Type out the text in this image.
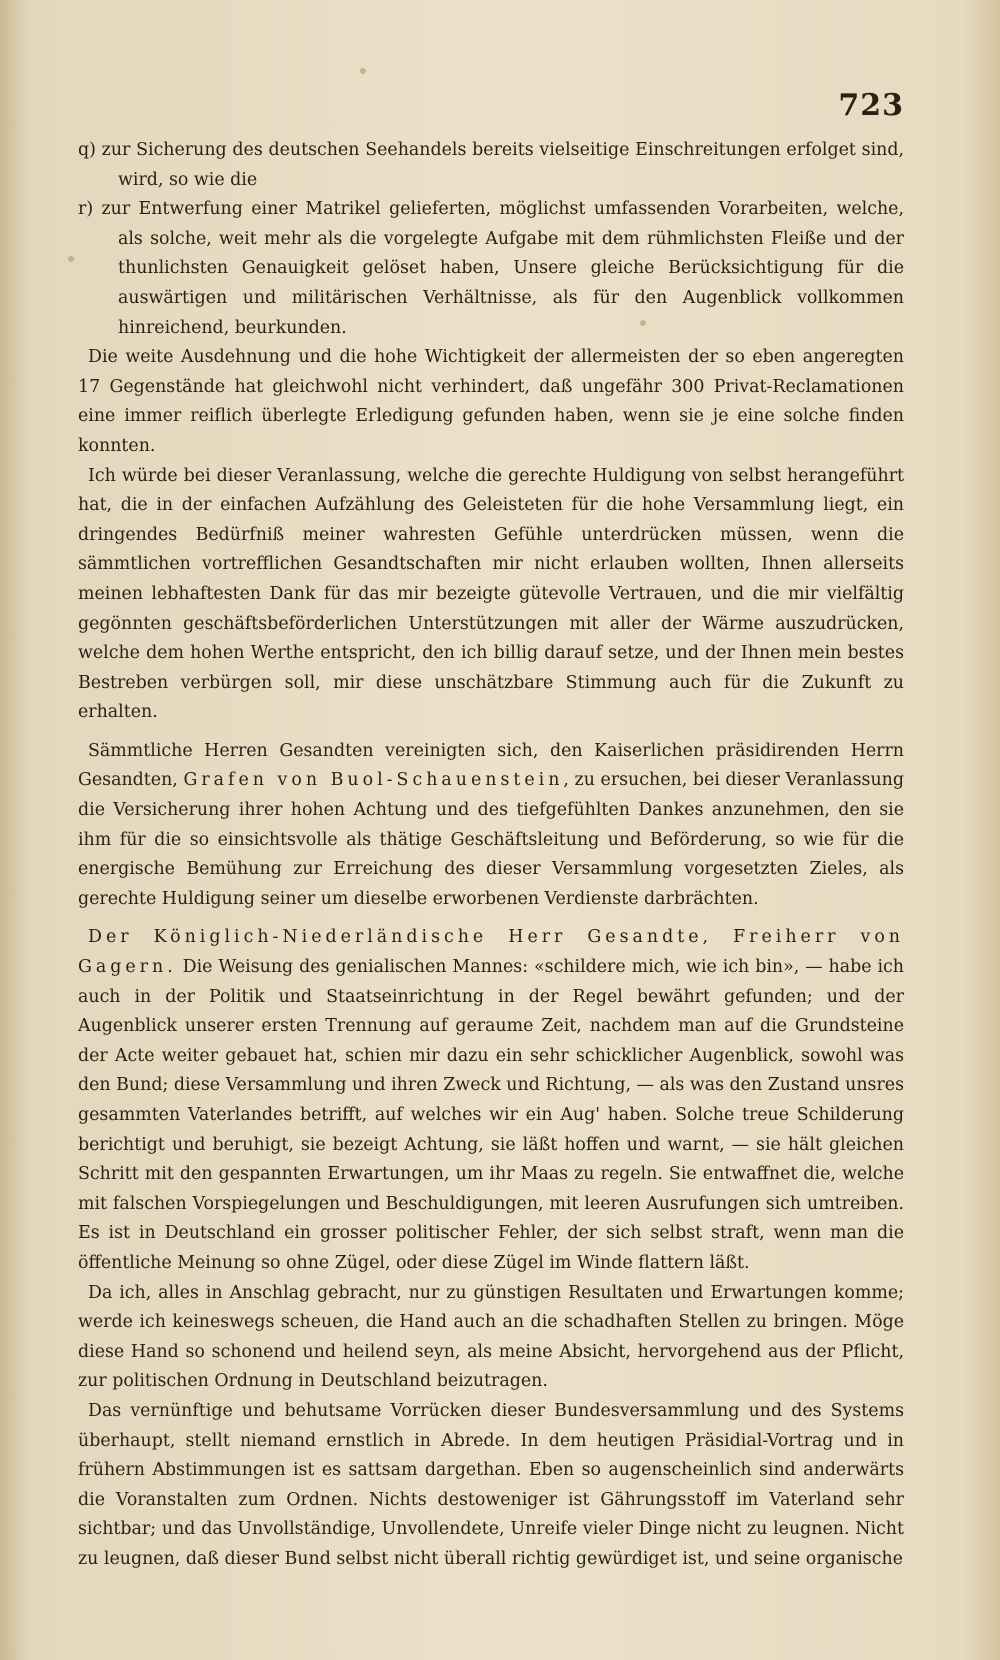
723

q) zur Sicherung des deutschen Seehandels bereits vielseitige Einschreitungen erfolget sind, wird, so wie die

r) zur Entwerfung einer Matrikel gelieferten, möglichst umfassenden Vorarbeiten, welche, als solche, weit mehr als die vorgelegte Aufgabe mit dem rühmlichsten Fleiße und der thunlichsten Genauigkeit gelöset haben, Unsere gleiche Berücksichtigung für die auswärtigen und militärischen Verhältnisse, als für den Augenblick vollkommen hinreichend, beurkunden.

Die weite Ausdehnung und die hohe Wichtigkeit der allermeisten der so eben angeregten 17 Gegenstände hat gleichwohl nicht verhindert, daß ungefähr 300 Privat-Reclamationen eine immer reiflich überlegte Erledigung gefunden haben, wenn sie je eine solche finden konnten.

Ich würde bei dieser Veranlassung, welche die gerechte Huldigung von selbst herangeführt hat, die in der einfachen Aufzählung des Geleisteten für die hohe Versammlung liegt, ein dringendes Bedürfniß meiner wahresten Gefühle unterdrücken müssen, wenn die sämmtlichen vortrefflichen Gesandtschaften mir nicht erlauben wollten, Ihnen allerseits meinen lebhaftesten Dank für das mir bezeigte gütevolle Vertrauen, und die mir vielfältig gegönnten geschäftsbeförderlichen Unterstützungen mit aller der Wärme auszudrücken, welche dem hohen Werthe entspricht, den ich billig darauf setze, und der Ihnen mein bestes Bestreben verbürgen soll, mir diese unschätzbare Stimmung auch für die Zukunft zu erhalten.

Sämmtliche Herren Gesandten vereinigten sich, den Kaiserlichen präsidirenden Herrn Gesandten, Grafen von Buol-Schauenstein, zu ersuchen, bei dieser Veranlassung die Versicherung ihrer hohen Achtung und des tiefgefühlten Dankes anzunehmen, den sie ihm für die so einsichtsvolle als thätige Geschäftsleitung und Beförderung, so wie für die energische Bemühung zur Erreichung des dieser Versammlung vorgesetzten Zieles, als gerechte Huldigung seiner um dieselbe erworbenen Verdienste darbrächten.

Der Königlich-Niederländische Herr Gesandte, Freiherr von Gagern. Die Weisung des genialischen Mannes: «schildere mich, wie ich bin», — habe ich auch in der Politik und Staatseinrichtung in der Regel bewährt gefunden; und der Augenblick unserer ersten Trennung auf geraume Zeit, nachdem man auf die Grundsteine der Acte weiter gebauet hat, schien mir dazu ein sehr schicklicher Augenblick, sowohl was den Bund; diese Versammlung und ihren Zweck und Richtung, — als was den Zustand unsres gesammten Vaterlandes betrifft, auf welches wir ein Aug' haben. Solche treue Schilderung berichtigt und beruhigt, sie bezeigt Achtung, sie läßt hoffen und warnt, — sie hält gleichen Schritt mit den gespannten Erwartungen, um ihr Maas zu regeln. Sie entwaffnet die, welche mit falschen Vorspiegelungen und Beschuldigungen, mit leeren Ausrufungen sich umtreiben. Es ist in Deutschland ein grosser politischer Fehler, der sich selbst straft, wenn man die öffentliche Meinung so ohne Zügel, oder diese Zügel im Winde flattern läßt.

Da ich, alles in Anschlag gebracht, nur zu günstigen Resultaten und Erwartungen komme; werde ich keineswegs scheuen, die Hand auch an die schadhaften Stellen zu bringen. Möge diese Hand so schonend und heilend seyn, als meine Absicht, hervorgehend aus der Pflicht, zur politischen Ordnung in Deutschland beizutragen.

Das vernünftige und behutsame Vorrücken dieser Bundesversammlung und des Systems überhaupt, stellt niemand ernstlich in Abrede. In dem heutigen Präsidial-Vortrag und in frühern Abstimmungen ist es sattsam dargethan. Eben so augenscheinlich sind anderwärts die Voranstalten zum Ordnen. Nichts destoweniger ist Gährungsstoff im Vaterland sehr sichtbar; und das Unvollständige, Unvollendete, Unreife vieler Dinge nicht zu leugnen. Nicht zu leugnen, daß dieser Bund selbst nicht überall richtig gewürdiget ist, und seine organische
